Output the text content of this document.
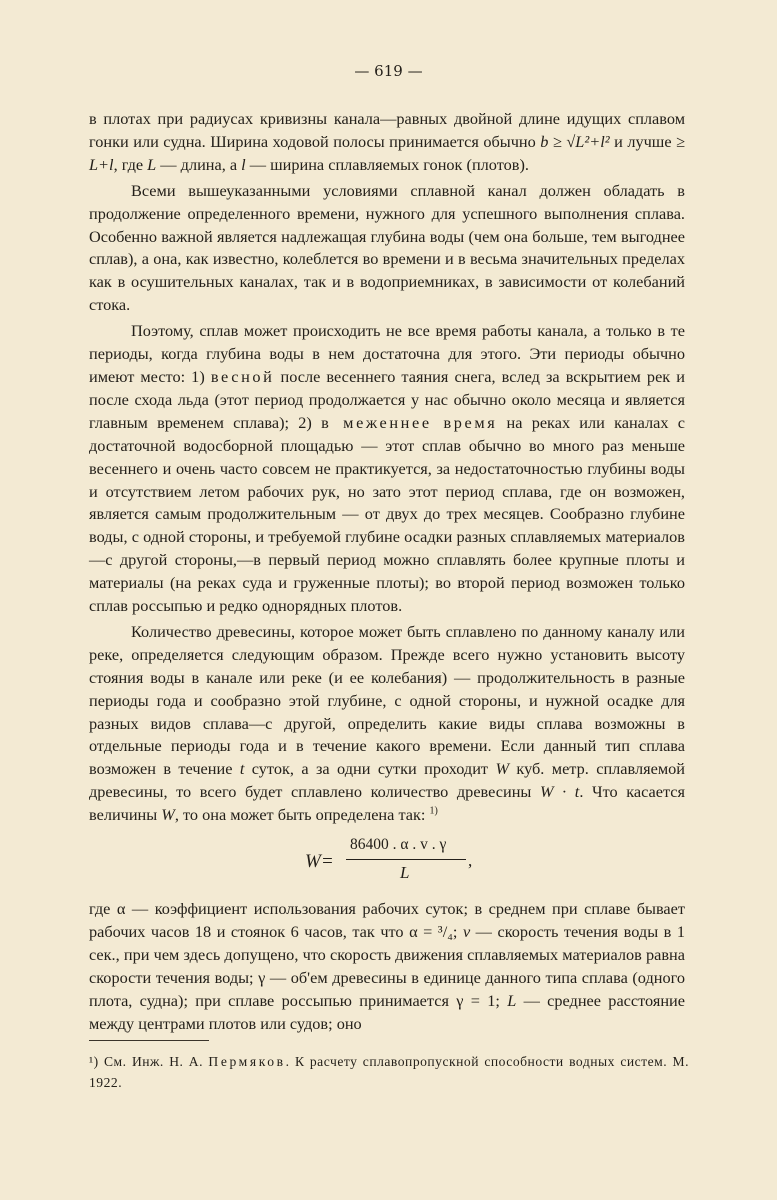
— 619 —

в плотах при радиусах кривизны канала—равных двойной длине идущих сплавом гонки или судна. Ширина ходовой полосы принимается обычно b ≥ √L²+l² и лучше ≥ L+l, где L — длина, а l — ширина сплавляемых гонок (плотов).

Всеми вышеуказанными условиями сплавной канал должен обладать в продолжение определенного времени, нужного для успешного выполнения сплава. Особенно важной является надлежащая глубина воды (чем она больше, тем выгоднее сплав), а она, как известно, колеблется во времени и в весьма значительных пределах как в осушительных каналах, так и в водоприемниках, в зависимости от колебаний стока.

Поэтому, сплав может происходить не все время работы канала, а только в те периоды, когда глубина воды в нем достаточна для этого. Эти периоды обычно имеют место: 1) весной после весеннего таяния снега, вслед за вскрытием рек и после схода льда (этот период продолжается у нас обычно около месяца и является главным временем сплава); 2) в меженнее время на реках или каналах с достаточной водосборной площадью — этот сплав обычно во много раз меньше весеннего и очень часто совсем не практикуется, за недостаточностью глубины воды и отсутствием летом рабочих рук, но зато этот период сплава, где он возможен, является самым продолжительным — от двух до трех месяцев. Сообразно глубине воды, с одной стороны, и требуемой глубине осадки разных сплавляемых материалов—с другой стороны,—в первый период можно сплавлять более крупные плоты и материалы (на реках суда и груженные плоты); во второй период возможен только сплав россыпью и редко однорядных плотов.

Количество древесины, которое может быть сплавлено по данному каналу или реке, определяется следующим образом. Прежде всего нужно установить высоту стояния воды в канале или реке (и ее колебания) — продолжительность в разные периоды года и сообразно этой глубине, с одной стороны, и нужной осадке для разных видов сплава—с другой, определить какие виды сплава возможны в отдельные периоды года и в течение какого времени. Если данный тип сплава возможен в течение t суток, а за одни сутки проходит W куб. метр. сплавляемой древесины, то всего будет сплавлено количество древесины W · t. Что касается величины W, то она может быть определена так: $^{1)}$

W=
86400 . α . v . γ
L
,

где α — коэффициент использования рабочих суток; в среднем при сплаве бывает рабочих часов 18 и стоянок 6 часов, так что α = ³/₄; v — скорость течения воды в 1 сек., при чем здесь допущено, что скорость движения сплавляемых материалов равна скорости течения воды; γ — об'ем древесины в единице данного типа сплава (одного плота, судна); при сплаве россыпью принимается γ = 1; L — среднее расстояние между центрами плотов или судов; оно

¹) См. Инж. Н. А. Пермяков. К расчету сплавопропускной способности водных систем. М. 1922.
